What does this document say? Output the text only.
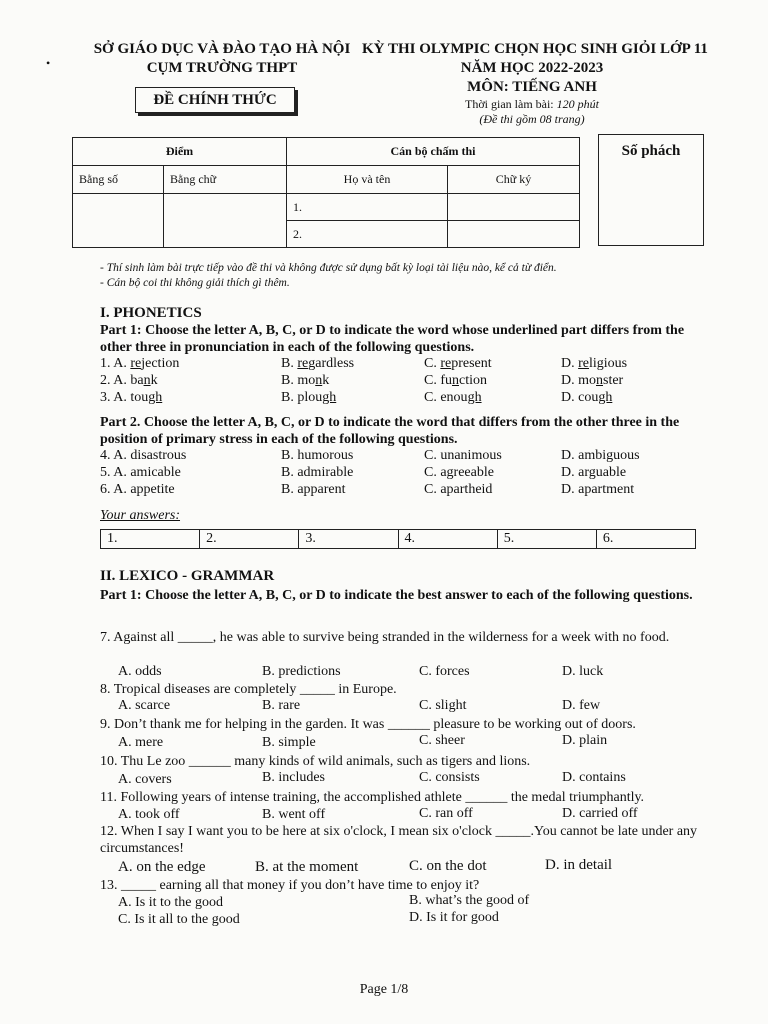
•
SỞ GIÁO DỤC VÀ ĐÀO TẠO HÀ NỘI
CỤM TRƯỜNG THPT
ĐỀ CHÍNH THỨC
KỲ THI OLYMPIC CHỌN HỌC SINH GIỎI LỚP 11
NĂM HỌC 2022-2023
MÔN: TIẾNG ANH
Thời gian làm bài: 120 phút
(Đề thi gồm 08 trang)
Điểm		Cán bộ chấm thi	
Bằng số	Bằng chữ	Họ và tên	Chữ ký
		1.	
		2.	
Số phách
- Thí sinh làm bài trực tiếp vào đề thi và không được sử dụng bất kỳ loại tài liệu nào, kể cả từ điển.
- Cán bộ coi thi không giải thích gì thêm.
I. PHONETICS
Part 1: Choose the letter A, B, C, or D to indicate the word whose underlined part differs from the other three in pronunciation in each of the following questions.
1. A. rejection	B. regardless	C. represent	D. religious
2. A. bank	B. monk	C. function	D. monster
3. A. tough	B. plough	C. enough	D. cough
Part 2. Choose the letter A, B, C, or D to indicate the word that differs from the other three in the position of primary stress in each of the following questions.
4. A. disastrous	B. humorous	C. unanimous	D. ambiguous
5. A. amicable	B. admirable	C. agreeable	D. arguable
6. A. appetite	B. apparent	C. apartheid	D. apartment
Your answers:
1.	2.	3.	4.	5.	6.
II. LEXICO - GRAMMAR
Part 1: Choose the letter A, B, C, or D to indicate the best answer to each of the following questions.
7. Against all _____, he was able to survive being stranded in the wilderness for a week with no food.
A. odds	B. predictions	C. forces	D. luck
8. Tropical diseases are completely _____ in Europe.
A. scarce	B. rare	C. slight	D. few
9. Don’t thank me for helping in the garden. It was ______ pleasure to be working out of doors.
A. mere	B. simple	C. sheer	D. plain
10. Thu Le zoo ______ many kinds of wild animals, such as tigers and lions.
A. covers	B. includes	C. consists	D. contains
11. Following years of intense training, the accomplished athlete ______ the medal triumphantly.
A. took off	B. went off	C. ran off	D. carried off
12. When I say I want you to be here at six o'clock, I mean six o'clock _____.You cannot be late under any circumstances!
A. on the edge	B. at the moment	C. on the dot	D. in detail
13. _____ earning all that money if you don’t have time to enjoy it?
A. Is it to the good	B. what’s the good of
C. Is it all to the good	D. Is it for good
Page 1/8
